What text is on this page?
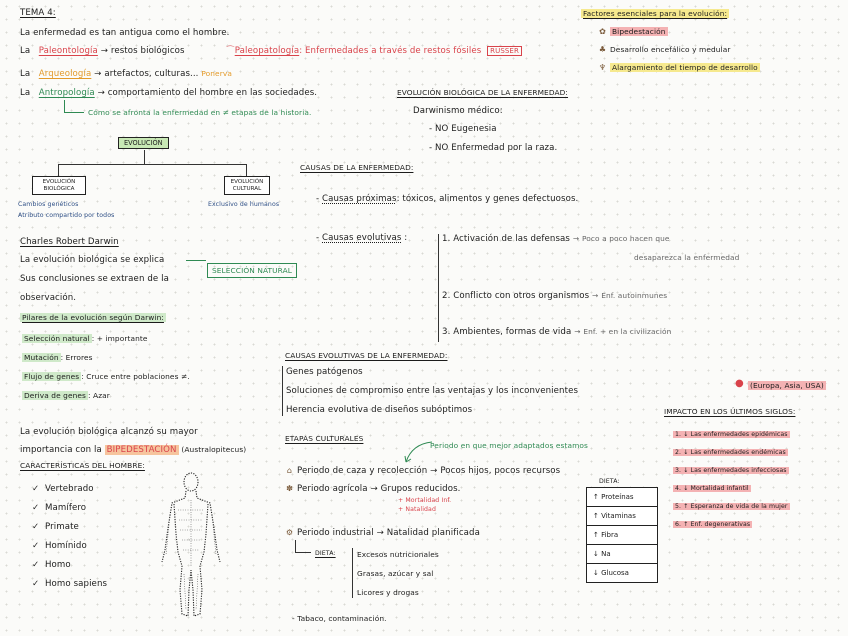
TEMA 4:
La enfermedad es tan antigua como el hombre.
La Paleontología → restos biológicos	⌒Paleopatología: Enfermedades a través de restos fósiles RUSSER
La Arqueología → artefactos, culturas... Ponerva
La Antropología → comportamiento del hombre en las sociedades.
Cómo se afronta la enfermedad en ≠ etapas de la historia.
EVOLUCIÓN
EVOLUCIÓN BIOLÓGICA
EVOLUCIÓN CULTURAL
Cambios genéticos
Atributo compartido por todos
Exclusivo de humanos
Charles Robert Darwin
La evolución biológica se explica
Sus conclusiones se extraen de la
observación.
SELECCIÓN NATURAL
Pilares de la evolución según Darwin:
Selección natural : + importante
Mutación : Errores
Flujo de genes : Cruce entre poblaciones ≠.
Deriva de genes : Azar
La evolución biológica alcanzó su mayor
importancia con la BIPEDESTACIÓN (Australopitecus)
CARACTERÍSTICAS DEL HOMBRE:
✓ Vertebrado
✓ Mamífero
✓ Primate
✓ Homínido
✓ Homo
✓ Homo sapiens
Factores esenciales para la evolución:
✿ Bipedestación
♣ Desarrollo encefálico y medular
♆ Alargamiento del tiempo de desarrollo
EVOLUCIÓN BIOLÓGICA DE LA ENFERMEDAD:
Darwinismo médico:
- NO Eugenesia
- NO Enfermedad por la raza.
CAUSAS DE LA ENFERMEDAD:
- Causas próximas: tóxicos, alimentos y genes defectuosos.
- Causas evolutivas :	1. Activación de las defensas → Poco a poco hacen que
desaparezca la enfermedad
2. Conflicto con otros organismos → Enf. autoinmunes
3. Ambientes, formas de vida → Enf. + en la civilización
CAUSAS EVOLUTIVAS DE LA ENFERMEDAD:
Genes patógenos
Soluciones de compromiso entre las ventajas y los inconvenientes
Herencia evolutiva de diseños subóptimos
● (Europa, Asia, USA)
IMPACTO EN LOS ÚLTIMOS SIGLOS:
1. ↓ Las enfermedades epidémicas
2. ↓ Las enfermedades endémicas
3. ↓ Las enfermedades infecciosas
4. ↓ Mortalidad infantil
5. ↑ Esperanza de vida de la mujer
6. ↑ Enf. degenerativas
ETAPAS CULTURALES
Periodo en que mejor adaptados estamos
⌂ Periodo de caza y recolección → Pocos hijos, pocos recursos
✽ Periodo agrícola → Grupos reducidos.
+ Mortalidad Inf.
+ Natalidad
⚙ Periodo industrial → Natalidad planificada
DIETA:	Excesos nutricionales
Grasas, azúcar y sal
Licores y drogas
- Tabaco, contaminación.
DIETA:
↑ Proteínas
↑ Vitaminas
↑ Fibra
↓ Na
↓ Glucosa
